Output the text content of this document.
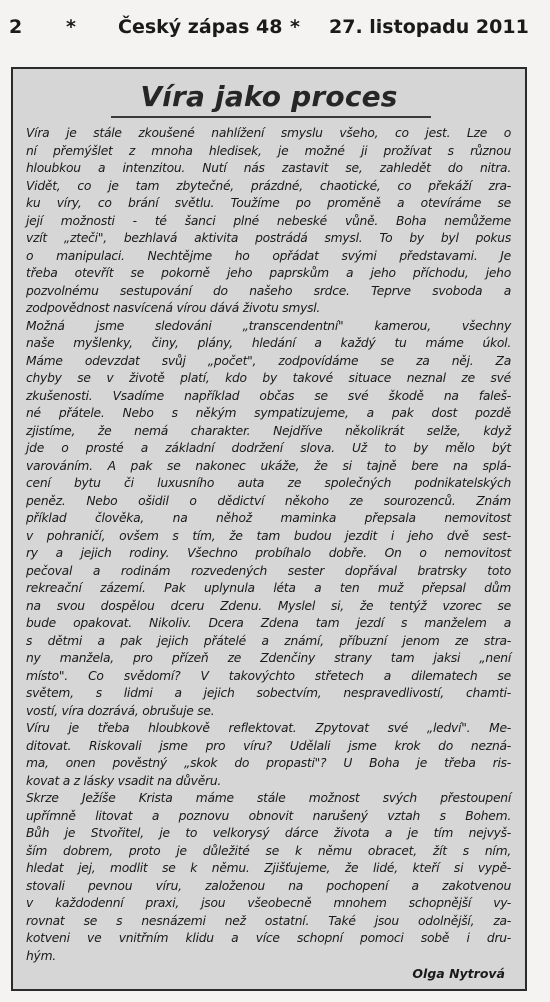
2 * Český zápas 48 * 27. listopadu 2011
Víra jako proces
Víra je stále zkoušené nahlížení smyslu všeho, co jest. Lze o
ní přemýšlet z mnoha hledisek, je možné ji prožívat s různou
hloubkou a intenzitou. Nutí nás zastavit se, zahledět do nitra.
Vidět, co je tam zbytečné, prázdné, chaotické, co překáží zra-
ku víry, co brání světlu. Toužíme po proměně a otevíráme se
její možnosti - té šanci plné nebeské vůně. Boha nemůžeme
vzít „zteči", bezhlavá aktivita postrádá smysl. To by byl pokus
o manipulaci. Nechtějme ho opřádat svými představami. Je
třeba otevřít se pokorně jeho paprskům a jeho příchodu, jeho
pozvolnému sestupování do našeho srdce. Teprve svoboda a
zodpovědnost nasvícená vírou dává životu smysl.
Možná jsme sledováni „transcendentní" kamerou, všechny
naše myšlenky, činy, plány, hledání a každý tu máme úkol.
Máme odevzdat svůj „počet", zodpovídáme se za něj. Za
chyby se v životě platí, kdo by takové situace neznal ze své
zkušenosti. Vsadíme například občas se své škodě na faleš-
né přátele. Nebo s někým sympatizujeme, a pak dost pozdě
zjistíme, že nemá charakter. Nejdříve několikrát selže, když
jde o prosté a základní dodržení slova. Už to by mělo být
varováním. A pak se nakonec ukáže, že si tajně bere na splá-
cení bytu či luxusního auta ze společných podnikatelských
peněz. Nebo ošidil o dědictví někoho ze sourozenců. Znám
příklad člověka, na něhož maminka přepsala nemovitost
v pohraničí, ovšem s tím, že tam budou jezdit i jeho dvě sest-
ry a jejich rodiny. Všechno probíhalo dobře. On o nemovitost
pečoval a rodinám rozvedených sester dopřával bratrsky toto
rekreační zázemí. Pak uplynula léta a ten muž přepsal dům
na svou dospělou dceru Zdenu. Myslel si, že tentýž vzorec se
bude opakovat. Nikoliv. Dcera Zdena tam jezdí s manželem a
s dětmi a pak jejich přátelé a známí, příbuzní jenom ze stra-
ny manžela, pro přízeň ze Zdenčiny strany tam jaksi „není
místo". Co svědomí? V takovýchto střetech a dilematech se
světem, s lidmi a jejich sobectvím, nespravedlivostí, chamti-
vostí, víra dozrává, obrušuje se.
Víru je třeba hloubkově reflektovat. Zpytovat své „ledví". Me-
ditovat. Riskovali jsme pro víru? Udělali jsme krok do nezná-
ma, onen pověstný „skok do propasti"? U Boha je třeba ris-
kovat a z lásky vsadit na důvěru.
Skrze Ježíše Krista máme stále možnost svých přestoupení
upřímně litovat a poznovu obnovit narušený vztah s Bohem.
Bůh je Stvořitel, je to velkorysý dárce života a je tím nejvyš-
ším dobrem, proto je důležité se k němu obracet, žít s ním,
hledat jej, modlit se k němu. Zjišťujeme, že lidé, kteří si vypě-
stovali pevnou víru, založenou na pochopení a zakotvenou
v každodenní praxi, jsou všeobecně mnohem schopnější vy-
rovnat se s nesnázemi než ostatní. Také jsou odolnější, za-
kotveni ve vnitřním klidu a více schopní pomoci sobě i dru-
hým.
Olga Nytrová
